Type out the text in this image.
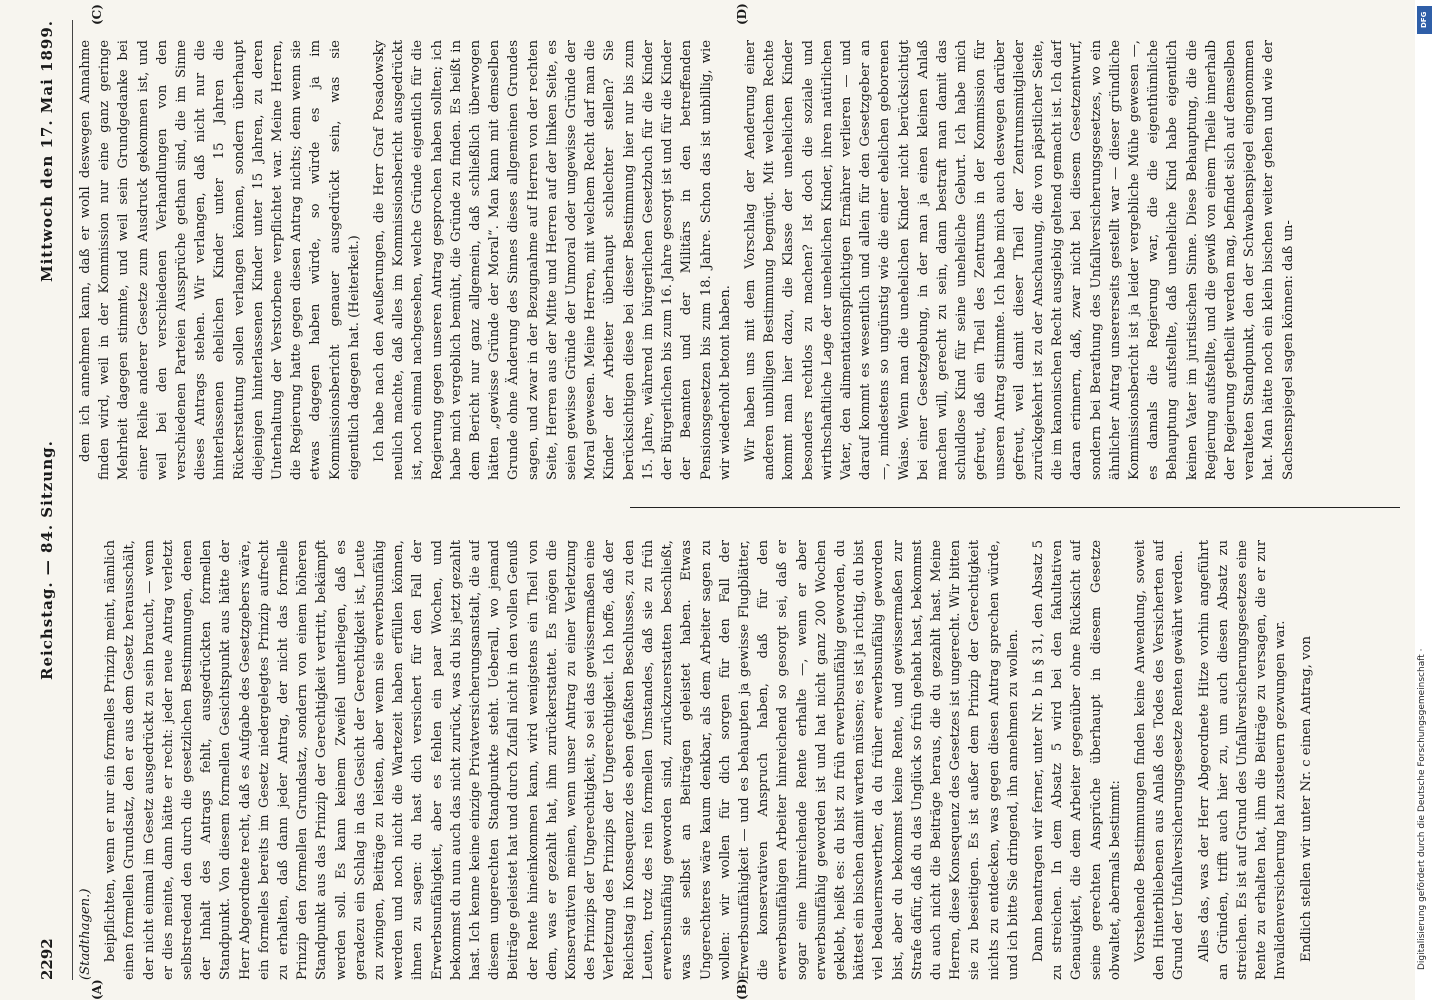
2292
Reichstag. — 84. Sitzung.
Mittwoch den 17. Mai 1899.
(A)	(B)
(C)	(D)

(Stadthagen.) beipflichten, wenn er nur ein formelles Prinzip meint, nämlich einen formellen Grundsatz, den er aus dem Gesetz herausschält, der nicht einmal im Gesetz ausgedrückt zu sein braucht, — wenn er dies meinte, dann hätte er recht: jeder neue Antrag verletzt selbstredend den durch die gesetzlichen Bestimmungen, denen der Inhalt des Antrags fehlt, ausgedrückten formellen Standpunkt. Von diesem formellen Gesichtspunkt aus hätte der Herr Abgeordnete recht, daß es Aufgabe des Gesetzgebers wäre, ein formelles bereits im Gesetz niedergelegtes Prinzip aufrecht zu erhalten, daß dann jeder Antrag, der nicht das formelle Prinzip den formellen Grundsatz, sondern von einem höheren Standpunkt aus das Prinzip der Gerechtigkeit vertritt, bekämpft werden soll. Es kann keinem Zweifel unterliegen, daß es geradezu ein Schlag in das Gesicht der Gerechtigkeit ist, Leute zu zwingen, Beiträge zu leisten, aber wenn sie erwerbsunfähig werden und noch nicht die Wartezeit haben erfüllen können, ihnen zu sagen: du hast dich versichert für den Fall der Erwerbsunfähigkeit, aber es fehlen ein paar Wochen, und bekommst du nun auch das nicht zurück, was du bis jetzt gezahlt hast. Ich kenne keine einzige Privatversicherungsanstalt, die auf diesem ungerechten Standpunkte steht. Ueberall, wo jemand Beiträge geleistet hat und durch Zufall nicht in den vollen Genuß der Rente hineinkommen kann, wird wenigstens ein Theil von dem, was er gezahlt hat, ihm zurückerstattet. Es mögen die Konservativen meinen, wenn unser Antrag zu einer Verletzung des Prinzips der Ungerechtigkeit, so sei das gewissermaßen eine Verletzung des Prinzips der Ungerechtigkeit. Ich hoffe, daß der Reichstag in Konsequenz des eben gefaßten Beschlusses, zu den Leuten, trotz des rein formellen Umstandes, daß sie zu früh erwerbsunfähig geworden sind, zurückzuerstatten beschließt, was sie selbst an Beiträgen geleistet haben. Etwas Ungerechteres wäre kaum denkbar, als dem Arbeiter sagen zu wollen: wir wollen für dich sorgen für den Fall der Erwerbsunfähigkeit — und es behaupten ja gewisse Flugblätter, die konservativen Anspruch haben, daß für den erwerbsunfähigen Arbeiter hinreichend so gesorgt sei, daß er sogar eine hinreichende Rente erhalte —, wenn er aber erwerbsunfähig geworden ist und hat nicht ganz 200 Wochen geklebt, heißt es: du bist zu früh erwerbsunfähig geworden, du hättest ein bischen damit warten müssen; es ist ja richtig, du bist viel bedauernswerther, da du früher erwerbsunfähig geworden bist, aber du bekommst keine Rente, und gewissermaßen zur Strafe dafür, daß du das Unglück so früh gehabt hast, bekommst du auch nicht die Beiträge heraus, die du gezahlt hast. Meine Herren, diese Konsequenz des Gesetzes ist ungerecht. Wir bitten sie zu beseitigen. Es ist außer dem Prinzip der Gerechtigkeit nichts zu entdecken, was gegen diesen Antrag sprechen würde, und ich bitte Sie dringend, ihn annehmen zu wollen. Dann beantragen wir ferner, unter Nr. b in § 31, den Absatz 5 zu streichen. In dem Absatz 5 wird bei den fakultativen Genauigkeit, die dem Arbeiter gegenüber ohne Rücksicht auf seine gerechten Ansprüche überhaupt in diesem Gesetze obwaltet, abermals bestimmt: Vorstehende Bestimmungen finden keine Anwendung, soweit den Hinterbliebenen aus Anlaß des Todes des Versicherten auf Grund der Unfallversicherungsgesetze Renten gewährt werden. Alles das, was der Herr Abgeordnete Hitze vorhin angeführt an Gründen, trifft auch hier zu, um auch diesen Absatz zu streichen. Es ist auf Grund des Unfallversicherungsgesetzes eine Rente zu erhalten hat, ihm die Beiträge zu versagen, die er zur Invalidenversicherung hat zusteuern gezwungen war. Endlich stellen wir unter Nr. c einen Antrag, von

dem ich annehmen kann, daß er wohl deswegen Annahme finden wird, weil in der Kommission nur eine ganz geringe Mehrheit dagegen stimmte, und weil sein Grundgedanke bei einer Reihe anderer Gesetze zum Ausdruck gekommen ist, und weil bei den verschiedenen Verhandlungen von den verschiedenen Parteien Aussprüche gethan sind, die im Sinne dieses Antrags stehen. Wir verlangen, daß nicht nur die hinterlassenen ehelichen Kinder unter 15 Jahren die Rückerstattung sollen verlangen können, sondern überhaupt diejenigen hinterlassenen Kinder unter 15 Jahren, zu deren Unterhaltung der Verstorbene verpflichtet war. Meine Herren, die Regierung hatte gegen diesen Antrag nichts; denn wenn sie etwas dagegen haben würde, so würde es ja im Kommissionsbericht genauer ausgedrückt sein, was sie eigentlich dagegen hat. (Heiterkeit.) Ich habe nach den Aeußerungen, die Herr Graf Posadowsky neulich machte, daß alles im Kommissionsbericht ausgedrückt ist, noch einmal nachgesehen, welche Gründe eigentlich für die Regierung gegen unseren Antrag gesprochen haben sollten; ich habe mich vergeblich bemüht, die Gründe zu finden. Es heißt in dem Bericht nur ganz allgemein, daß schließlich überwogen hätten „gewisse Gründe der Moral“. Man kann mit demselben Grunde ohne Änderung des Sinnes dieses allgemeinen Grundes sagen, und zwar in der Bezugnahme auf Herren von der rechten Seite, Herren aus der Mitte und Herren auf der linken Seite, es seien gewisse Gründe der Unmoral oder ungewisse Gründe der Moral gewesen. Meine Herren, mit welchem Recht darf man die Kinder der Arbeiter überhaupt schlechter stellen? Sie berücksichtigen diese bei dieser Bestimmung hier nur bis zum 15. Jahre, während im bürgerlichen Gesetzbuch für die Kinder der Bürgerlichen bis zum 16. Jahre gesorgt ist und für die Kinder der Beamten und der Militärs in den betreffenden Pensionsgesetzen bis zum 18. Jahre. Schon das ist unbillig, wie wir wiederholt betont haben. Wir haben uns mit dem Vorschlag der Aenderung einer anderen unbilligen Bestimmung begnügt. Mit welchem Rechte kommt man hier dazu, die Klasse der unehelichen Kinder besonders rechtlos zu machen? Ist doch die soziale und wirthschaftliche Lage der unehelichen Kinder, ihren natürlichen Vater, den alimentationspflichtigen Ernährer verlieren — und darauf kommt es wesentlich und allein für den Gesetzgeber an —, mindestens so ungünstig wie die einer ehelichen geborenen Waise. Wenn man die unehelichen Kinder nicht berücksichtigt bei einer Gesetzgebung, in der man ja einen kleinen Anlaß machen will, gerecht zu sein, dann bestraft man damit das schuldlose Kind für seine uneheliche Geburt. Ich habe mich gefreut, daß ein Theil des Zentrums in der Kommission für unseren Antrag stimmte. Ich habe mich auch deswegen darüber gefreut, weil damit dieser Theil der Zentrumsmitglieder zurückgekehrt ist zu der Anschauung, die von päpstlicher Seite, die im kanonischen Recht ausgiebig geltend gemacht ist. Ich darf daran erinnern, daß, zwar nicht bei diesem Gesetzentwurf, sondern bei Berathung des Unfallversicherungsgesetzes, wo ein ähnlicher Antrag unsererseits gestellt war — dieser gründliche Kommissionsbericht ist ja leider vergebliche Mühe gewesen —, es damals die Regierung war, die die eigenthümliche Behauptung aufstellte, daß uneheliche Kind habe eigentlich keinen Vater im juristischen Sinne. Diese Behauptung, die die Regierung aufstellte, und die gewiß von einem Theile innerhalb der Regierung getheilt werden mag, befindet sich auf demselben veralteten Standpunkt, den der Schwabenspiegel eingenommen hat. Man hätte noch ein klein bischen weiter gehen und wie der Sachsenspiegel sagen können: daß un-

DFG
Digitalisierung gefördert durch die Deutsche Forschungsgemeinschaft ·
